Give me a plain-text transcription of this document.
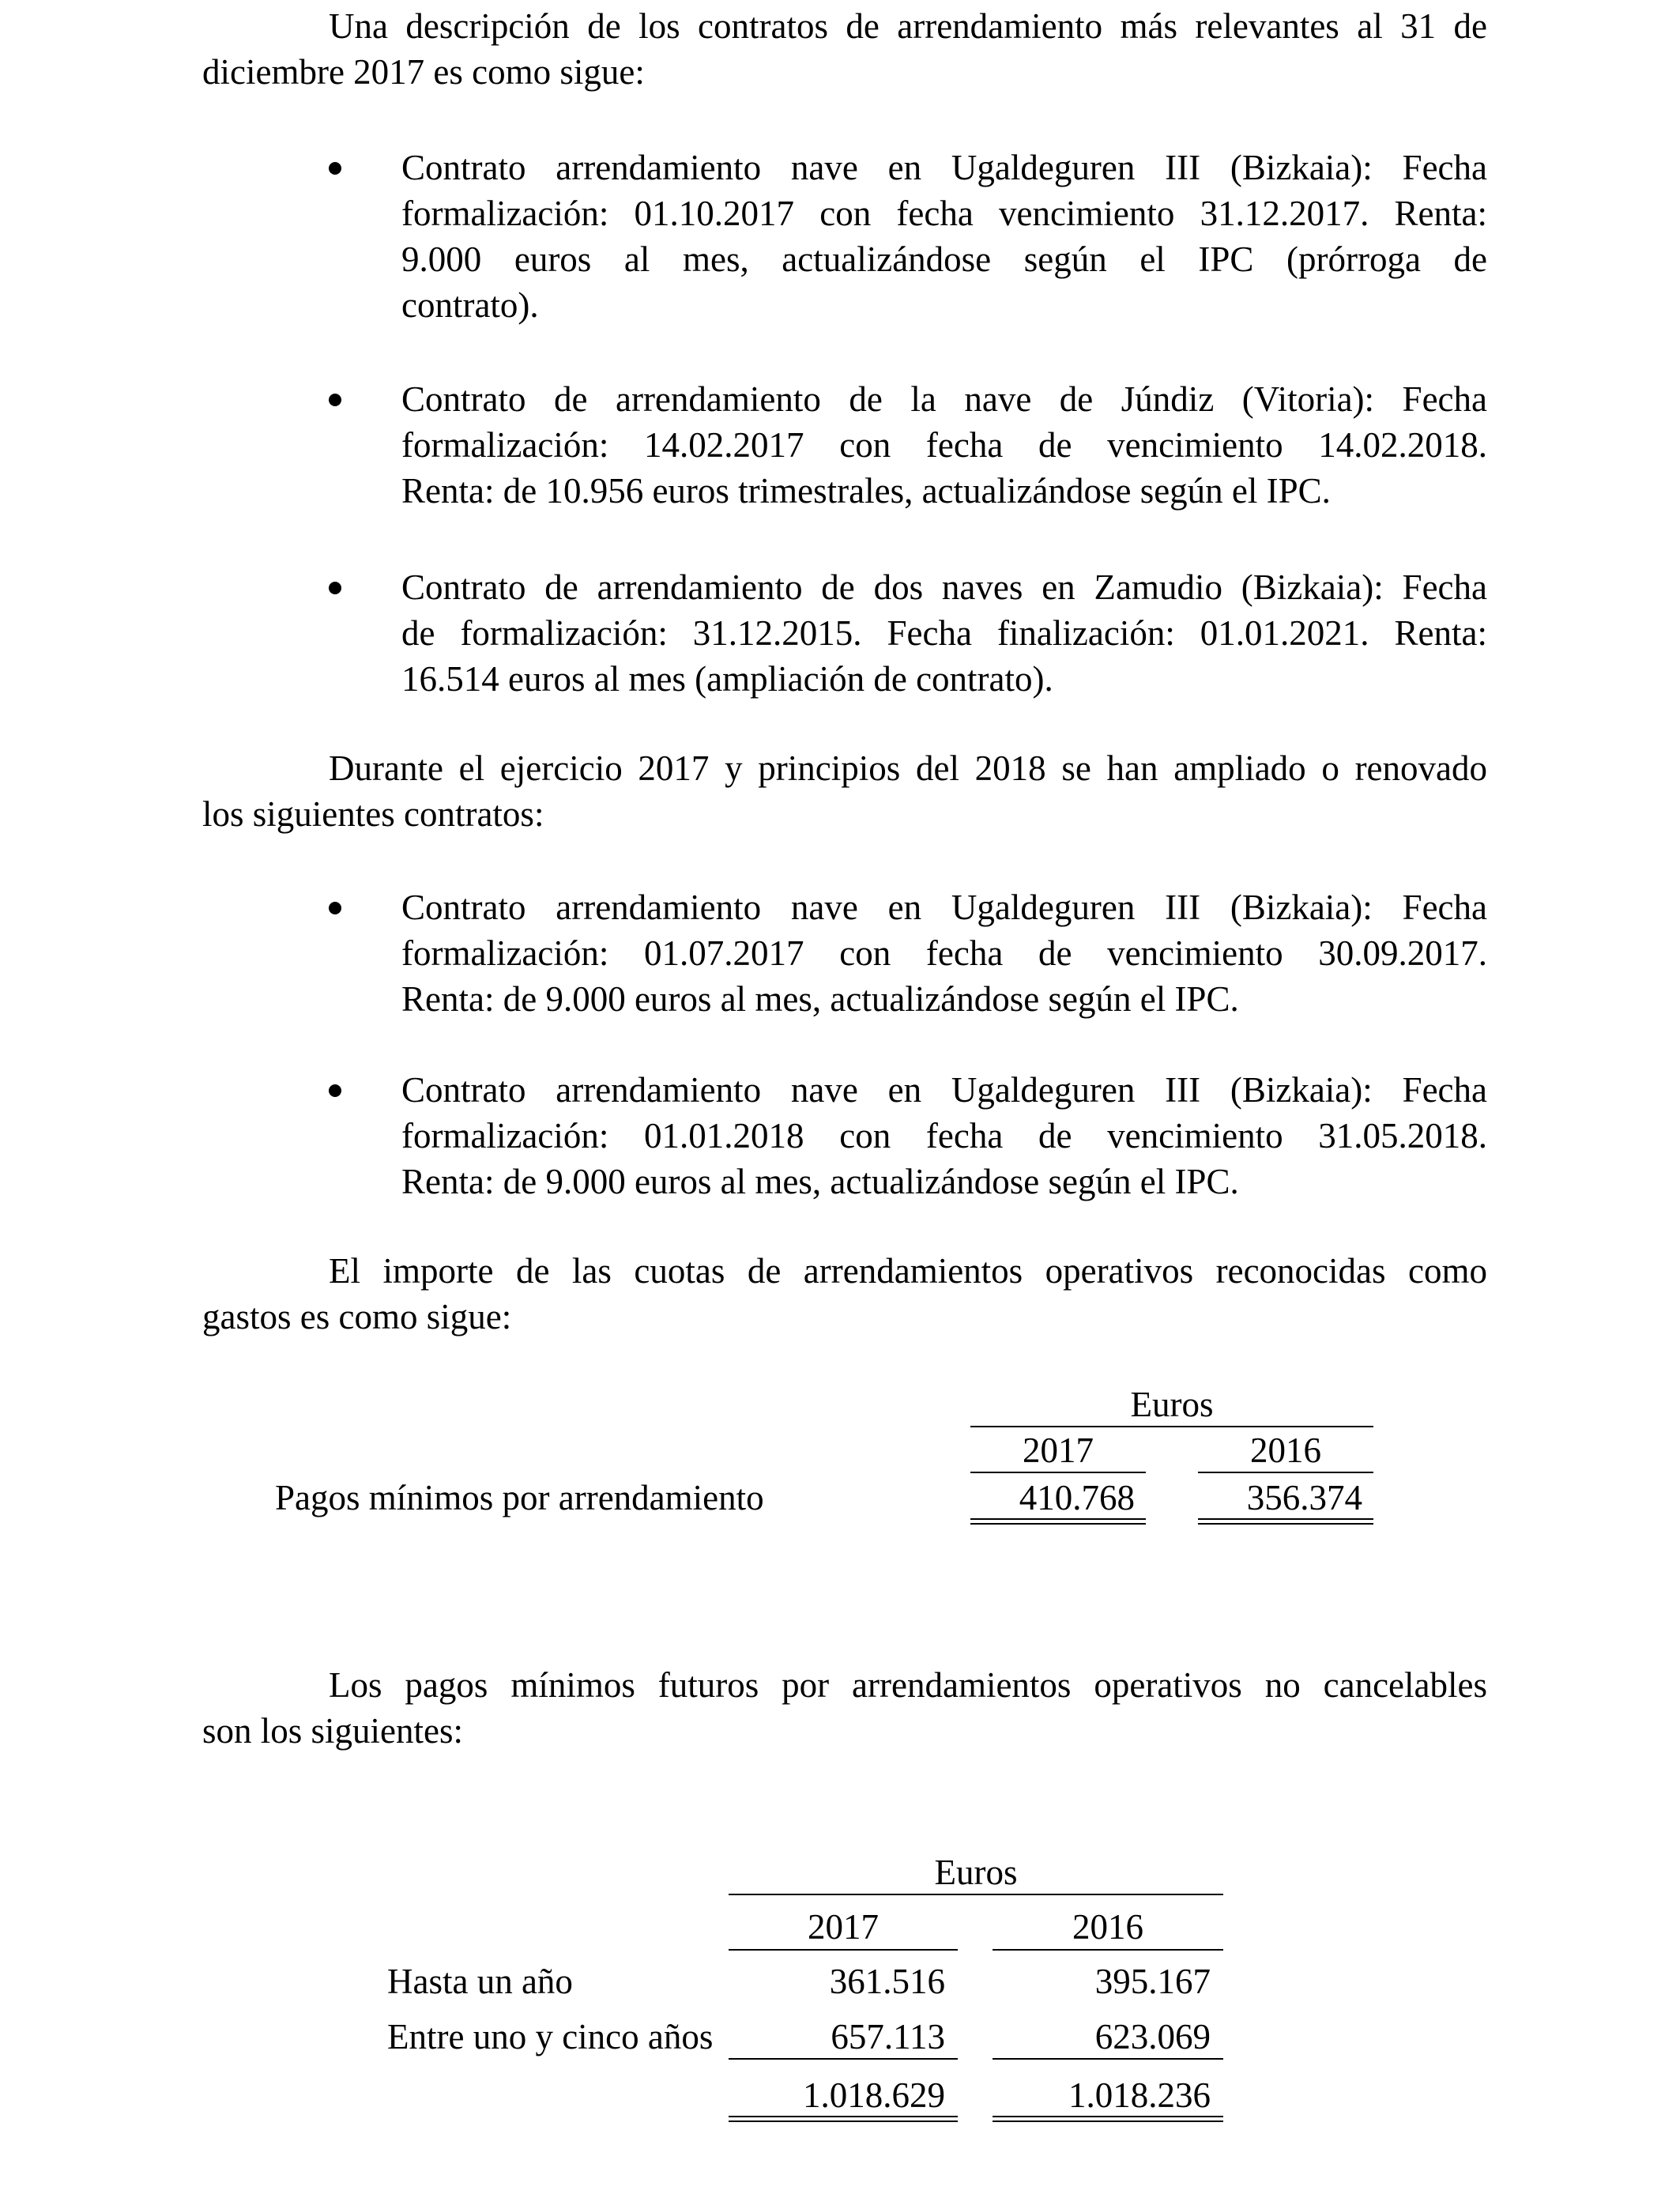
Una descripción de los contratos de arrendamiento más relevantes al 31 de
diciembre 2017 es como sigue:
Contrato arrendamiento nave en Ugaldeguren III (Bizkaia): Fecha
formalización: 01.10.2017 con fecha vencimiento 31.12.2017. Renta:
9.000 euros al mes, actualizándose según el IPC (prórroga de
contrato).
Contrato de arrendamiento de la nave de Júndiz (Vitoria): Fecha
formalización: 14.02.2017 con fecha de vencimiento 14.02.2018.
Renta: de 10.956 euros trimestrales, actualizándose según el IPC.
Contrato de arrendamiento de dos naves en Zamudio (Bizkaia): Fecha
de formalización: 31.12.2015. Fecha finalización: 01.01.2021. Renta:
16.514 euros al mes (ampliación de contrato).
Durante el ejercicio 2017 y principios del 2018 se han ampliado o renovado
los siguientes contratos:
Contrato arrendamiento nave en Ugaldeguren III (Bizkaia): Fecha
formalización: 01.07.2017 con fecha de vencimiento 30.09.2017.
Renta: de 9.000 euros al mes, actualizándose según el IPC.
Contrato arrendamiento nave en Ugaldeguren III (Bizkaia): Fecha
formalización: 01.01.2018 con fecha de vencimiento 31.05.2018.
Renta: de 9.000 euros al mes, actualizándose según el IPC.
El importe de las cuotas de arrendamientos operativos reconocidas como
gastos es como sigue:
Euros
2017	2016
Pagos mínimos por arrendamiento	410.768	356.374
Los pagos mínimos futuros por arrendamientos operativos no cancelables
son los siguientes:
Euros
2017	2016
Hasta un año	361.516	395.167
Entre uno y cinco años	657.113	623.069
1.018.629	1.018.236
